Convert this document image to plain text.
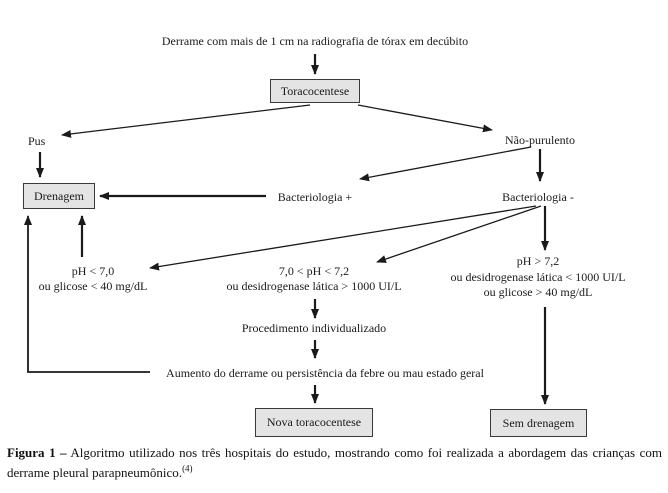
Derrame com mais de 1 cm na radiografia de tórax em decúbito
Toracocentese
Pus	Não-purulento
Drenagem	Bacteriologia +	Bacteriologia -
pH < 7,0
ou glicose < 40 mg/dL
7,0 < pH < 7,2
ou desidrogenase lática > 1000 UI/L
pH > 7,2
ou desidrogenase lática < 1000 UI/L
ou glicose > 40 mg/dL
Procedimento individualizado
Aumento do derrame ou persistência da febre ou mau estado geral
Nova toracocentese	Sem drenagem
Figura 1 – Algoritmo utilizado nos três hospitais do estudo, mostrando como foi realizada a abordagem das crianças com derrame pleural parapneumônico.$^{(4)}$
